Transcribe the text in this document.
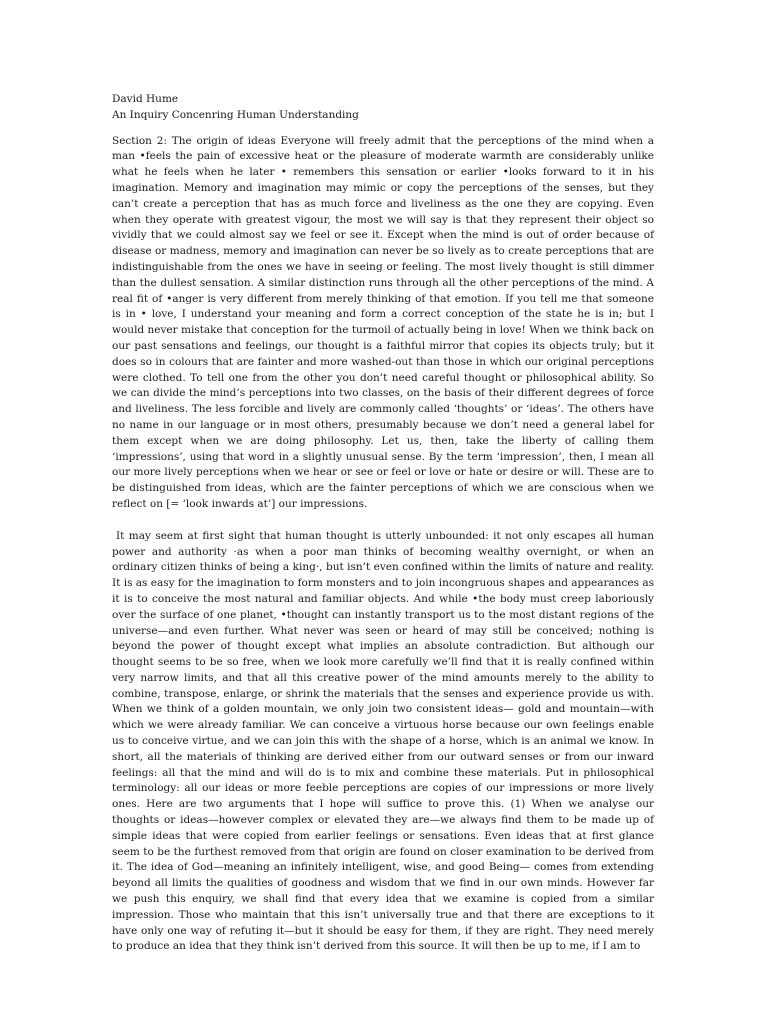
David Hume

An Inquiry Concenring Human Understanding

Section 2: The origin of ideas Everyone will freely admit that the perceptions of the mind when a man •feels the pain of excessive heat or the pleasure of moderate warmth are considerably unlike what he feels when he later • remembers this sensation or earlier •looks forward to it in his imagination. Memory and imagination may mimic or copy the perceptions of the senses, but they can’t create a perception that has as much force and liveliness as the one they are copying. Even when they operate with greatest vigour, the most we will say is that they represent their object so vividly that we could almost say we feel or see it. Except when the mind is out of order because of disease or madness, memory and imagination can never be so lively as to create perceptions that are indistinguishable from the ones we have in seeing or feeling. The most lively thought is still dimmer than the dullest sensation. A similar distinction runs through all the other perceptions of the mind. A real fit of •anger is very different from merely thinking of that emotion. If you tell me that someone is in • love, I understand your meaning and form a correct conception of the state he is in; but I would never mistake that conception for the turmoil of actually being in love! When we think back on our past sensations and feelings, our thought is a faithful mirror that copies its objects truly; but it does so in colours that are fainter and more washed-out than those in which our original perceptions were clothed. To tell one from the other you don’t need careful thought or philosophical ability. So we can divide the mind’s perceptions into two classes, on the basis of their different degrees of force and liveliness. The less forcible and lively are commonly called ‘thoughts’ or ‘ideas’. The others have no name in our language or in most others, presumably because we don’t need a general label for them except when we are doing philosophy. Let us, then, take the liberty of calling them ‘impressions’, using that word in a slightly unusual sense. By the term ‘impression’, then, I mean all our more lively perceptions when we hear or see or feel or love or hate or desire or will. These are to be distinguished from ideas, which are the fainter perceptions of which we are conscious when we reflect on [= ‘look inwards at’] our impressions.

It may seem at first sight that human thought is utterly unbounded: it not only escapes all human power and authority ·as when a poor man thinks of becoming wealthy overnight, or when an ordinary citizen thinks of being a king·, but isn’t even confined within the limits of nature and reality. It is as easy for the imagination to form monsters and to join incongruous shapes and appearances as it is to conceive the most natural and familiar objects. And while •the body must creep laboriously over the surface of one planet, •thought can instantly transport us to the most distant regions of the universe—and even further. What never was seen or heard of may still be conceived; nothing is beyond the power of thought except what implies an absolute contradiction. But although our thought seems to be so free, when we look more carefully we’ll find that it is really confined within very narrow limits, and that all this creative power of the mind amounts merely to the ability to combine, transpose, enlarge, or shrink the materials that the senses and experience provide us with. When we think of a golden mountain, we only join two consistent ideas— gold and mountain—with which we were already familiar. We can conceive a virtuous horse because our own feelings enable us to conceive virtue, and we can join this with the shape of a horse, which is an animal we know. In short, all the materials of thinking are derived either from our outward senses or from our inward feelings: all that the mind and will do is to mix and combine these materials. Put in philosophical terminology: all our ideas or more feeble perceptions are copies of our impressions or more lively ones. Here are two arguments that I hope will suffice to prove this. (1) When we analyse our thoughts or ideas—however complex or elevated they are—we always find them to be made up of simple ideas that were copied from earlier feelings or sensations. Even ideas that at first glance seem to be the furthest removed from that origin are found on closer examination to be derived from it. The idea of God—meaning an infinitely intelligent, wise, and good Being— comes from extending beyond all limits the qualities of goodness and wisdom that we find in our own minds. However far we push this enquiry, we shall find that every idea that we examine is copied from a similar impression. Those who maintain that this isn’t universally true and that there are exceptions to it have only one way of refuting it—but it should be easy for them, if they are right. They need merely to produce an idea that they think isn’t derived from this source. It will then be up to me, if I am to
